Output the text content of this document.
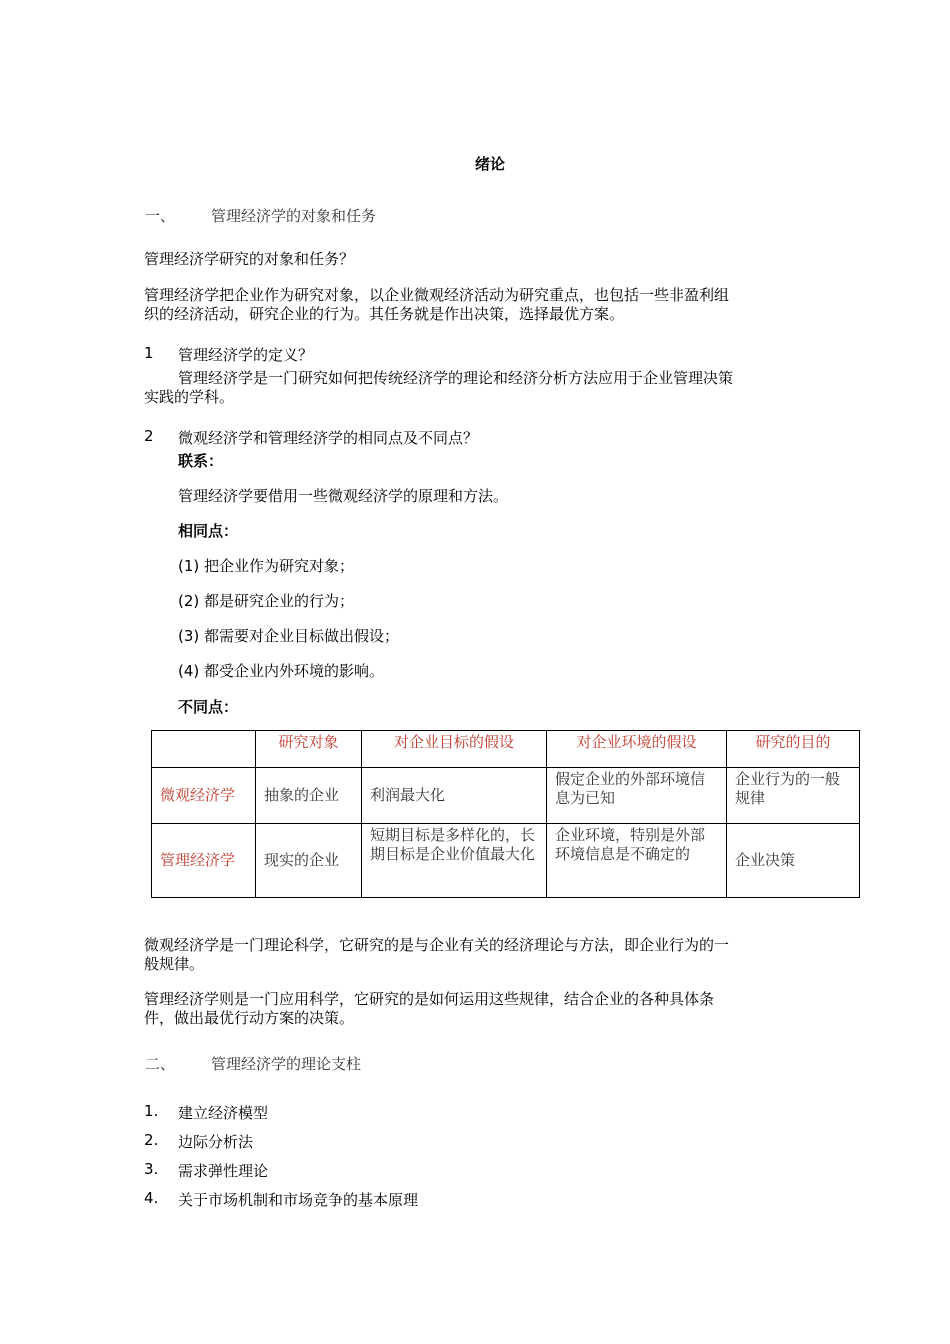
绪论
一、 管理经济学的对象和任务
管理经济学研究的对象和任务？
管理经济学把企业作为研究对象，以企业微观经济活动为研究重点，也包括一些非盈利组
织的经济活动，研究企业的行为。其任务就是作出决策，选择最优方案。
1 管理经济学的定义？
管理经济学是一门研究如何把传统经济学的理论和经济分析方法应用于企业管理决策
实践的学科。
2 微观经济学和管理经济学的相同点及不同点？
联系：
管理经济学要借用一些微观经济学的原理和方法。
相同点：
(1) 把企业作为研究对象；
(2) 都是研究企业的行为；
(3) 都需要对企业目标做出假设；
(4) 都受企业内外环境的影响。
不同点：
	研究对象	对企业目标的假设	对企业环境的假设	研究的目的
微观经济学	抽象的企业	利润最大化	假定企业的外部环境信息为已知	企业行为的一般规律
管理经济学	现实的企业	短期目标是多样化的，长期目标是企业价值最大化	企业环境，特别是外部环境信息是不确定的	企业决策
微观经济学是一门理论科学，它研究的是与企业有关的经济理论与方法，即企业行为的一
般规律。
管理经济学则是一门应用科学，它研究的是如何运用这些规律，结合企业的各种具体条
件，做出最优行动方案的决策。
二、 管理经济学的理论支柱
1. 建立经济模型
2. 边际分析法
3. 需求弹性理论
4. 关于市场机制和市场竞争的基本原理
